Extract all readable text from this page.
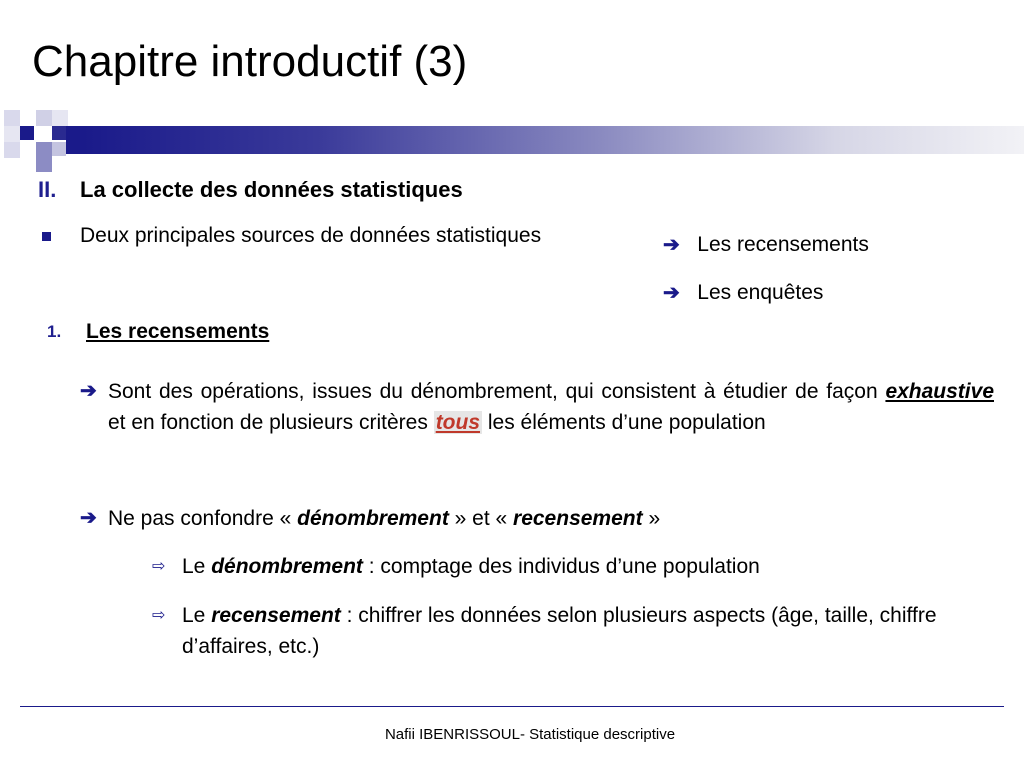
Chapitre introductif (3)
II. La collecte des données statistiques
Deux principales sources de données statistiques	➔ Les recensements
➔ Les enquêtes
1. Les recensements
➔ Sont des opérations, issues du dénombrement, qui consistent à étudier de façon exhaustive et en fonction de plusieurs critères tous les éléments d’une population
➔ Ne pas confondre « dénombrement » et « recensement »
⇨ Le dénombrement : comptage des individus d’une population
⇨ Le recensement : chiffrer les données selon plusieurs aspects (âge, taille, chiffre d’affaires, etc.)
Nafii IBENRISSOUL- Statistique descriptive
